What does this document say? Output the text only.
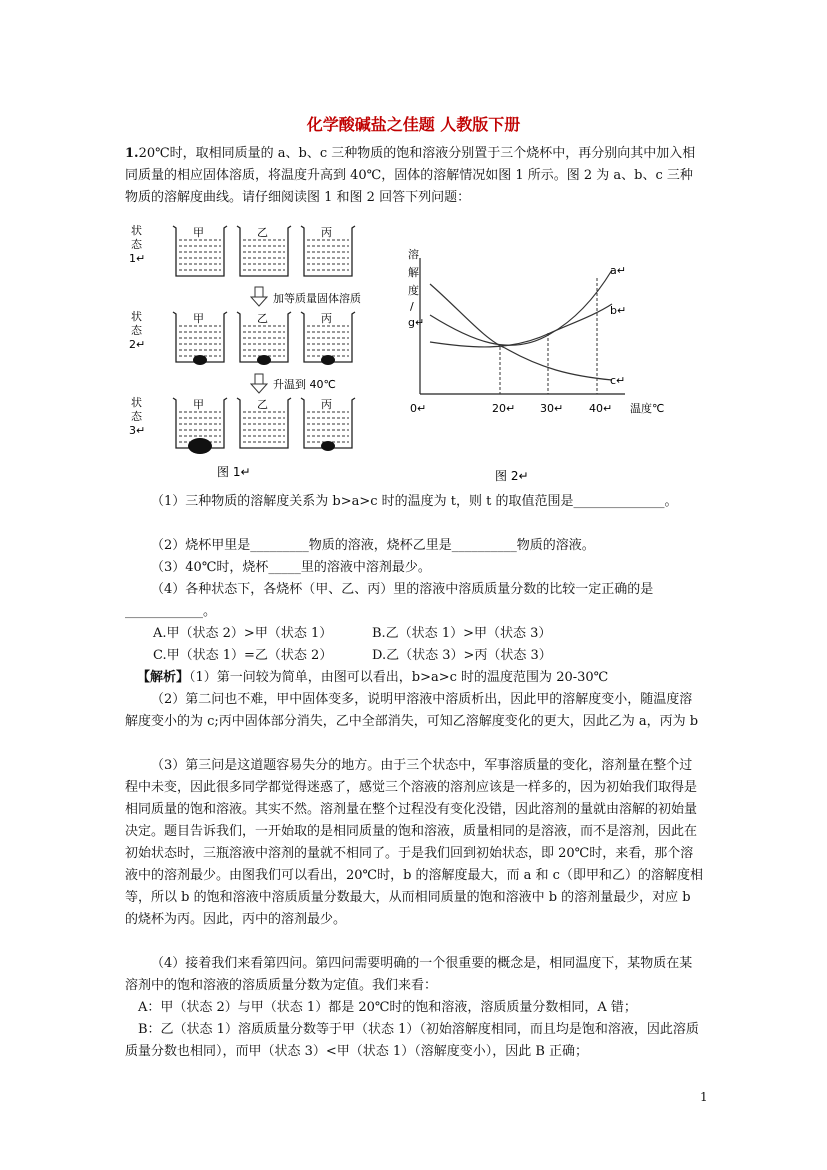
化学酸碱盐之佳题 人教版下册

1.20℃时，取相同质量的 a、b、c 三种物质的饱和溶液分别置于三个烧杯中，再分别向其中加入相同质量的相应固体溶质，将温度升高到 40℃，固体的溶解情况如图 1 所示。图 2 为 a、b、c 三种物质的溶解度曲线。请仔细阅读图 1 和图 2 回答下列问题：

状态 1↵
状态 2↵
状态 3↵
甲	乙	丙
甲	乙	丙
甲	乙	丙
加等质量固体溶质
升温到 40℃
图 1↵
溶解度/ g↵
a↵
b↵
c↵
0↵	20↵ 30↵ 40↵ 温度℃
图 2↵

（1）三种物质的溶解度关系为 b>a>c 时的温度为 t，则 t 的取值范围是______________。

（2）烧杯甲里是_________物质的溶液，烧杯乙里是__________物质的溶液。

（3）40℃时，烧杯_____里的溶液中溶剂最少。

（4）各种状态下，各烧杯（甲、乙、丙）里的溶液中溶质质量分数的比较一定正确的是____________。

A.甲（状态 2）>甲（状态 1）	B.乙（状态 1）>甲（状态 3）
C.甲（状态 1）=乙（状态 2）	D.乙（状态 3）>丙（状态 3）
【解析】（1）第一问较为简单，由图可以看出，b>a>c 时的温度范围为 20-30℃

（2）第二问也不难，甲中固体变多，说明甲溶液中溶质析出，因此甲的溶解度变小，随温度溶解度变小的为 c;丙中固体部分消失，乙中全部消失，可知乙溶解度变化的更大，因此乙为 a，丙为 b

（3）第三问是这道题容易失分的地方。由于三个状态中，军事溶质量的变化，溶剂量在整个过程中未变，因此很多同学都觉得迷惑了，感觉三个溶液的溶剂应该是一样多的，因为初始我们取得是相同质量的饱和溶液。其实不然。溶剂量在整个过程没有变化没错，因此溶剂的量就由溶解的初始量决定。题目告诉我们，一开始取的是相同质量的饱和溶液，质量相同的是溶液，而不是溶剂，因此在初始状态时，三瓶溶液中溶剂的量就不相同了。于是我们回到初始状态，即 20℃时，来看，那个溶液中的溶剂最少。由图我们可以看出，20℃时，b 的溶解度最大，而 a 和 c（即甲和乙）的溶解度相等，所以 b 的饱和溶液中溶质质量分数最大，从而相同质量的饱和溶液中 b 的溶剂量最少，对应 b 的烧杯为丙。因此，丙中的溶剂最少。

（4）接着我们来看第四问。第四问需要明确的一个很重要的概念是，相同温度下，某物质在某溶剂中的饱和溶液的溶质质量分数为定值。我们来看：

A：甲（状态 2）与甲（状态 1）都是 20℃时的饱和溶液，溶质质量分数相同，A 错；

B：乙（状态 1）溶质质量分数等于甲（状态 1）（初始溶解度相同，而且均是饱和溶液，因此溶质质量分数也相同），而甲（状态 3）<甲（状态 1）（溶解度变小），因此 B 正确；

1
